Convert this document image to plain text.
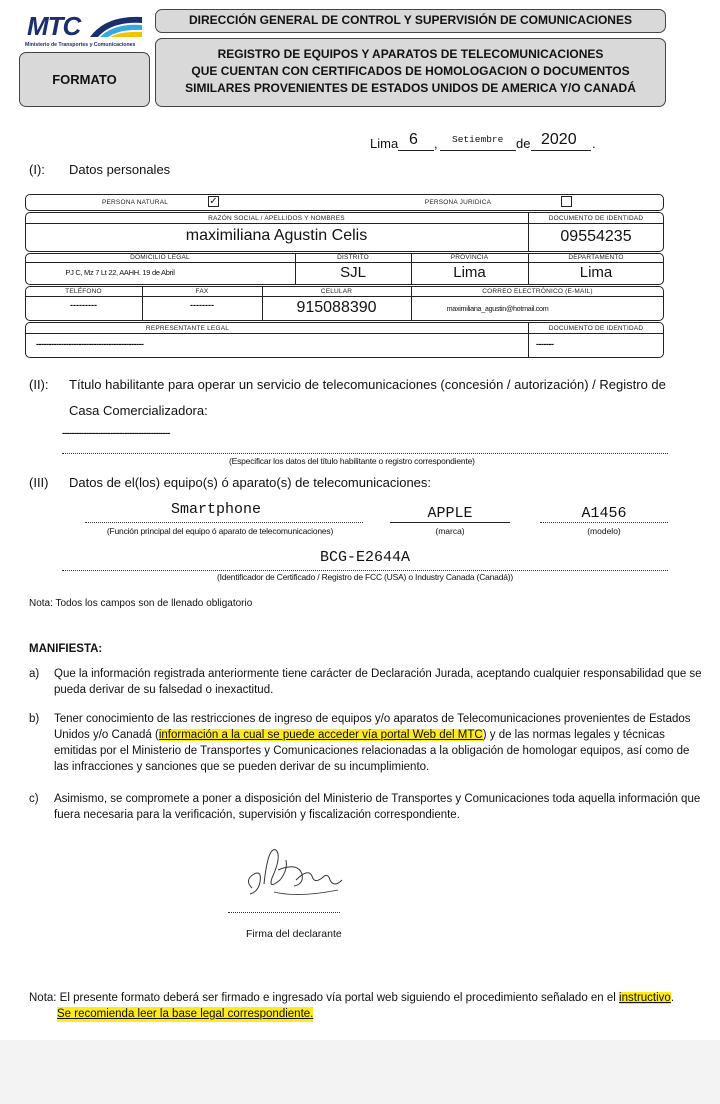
MTC
Ministerio de Transportes y Comunicaciones
FORMATO
DIRECCIÓN GENERAL DE CONTROL Y SUPERVISIÓN DE COMUNICACIONES
REGISTRO DE EQUIPOS Y APARATOS DE TELECOMUNICACIONES
QUE CUENTAN CON CERTIFICADOS DE HOMOLOGACION O DOCUMENTOS
SIMILARES PROVENIENTES DE ESTADOS UNIDOS DE AMERICA Y/O CANADÁ
Lima 6 , Setiembre de 2020 .
(I): Datos personales
PERSONA NATURAL	✓	PERSONA JURIDICA
RAZÓN SOCIAL / APELLIDOS Y NOMBRES	DOCUMENTO DE IDENTIDAD
maximiliana Agustin Celis	09554235
DOMICILIO LEGAL	DISTRITO	PROVINCIA	DEPARTAMENTO
PJ C, Mz 7 Lt 22, AAHH. 19 de Abril	SJL	Lima	Lima
TELÉFONO	FAX	CELULAR	CORREO ELECTRÓNICO (E-MAIL)
---------	--------	915088390	maximiliana_agustin@hotmail.com
REPRESENTANTE LEGAL	DOCUMENTO DE IDENTIDAD
-------------------------------------------	-------
(II): Título habilitante para operar un servicio de telecomunicaciones (concesión / autorización) / Registro de
Casa Comercializadora:
---------------------------------------------
(Especificar los datos del título habilitante o registro correspondiente)
(III) Datos de el(los) equipo(s) ó aparato(s) de telecomunicaciones:
Smartphone
(Función principal del equipo ó aparato de telecomunicaciones)
APPLE
(marca)
A1456
(modelo)
BCG-E2644A
(Identificador de Certificado / Registro de FCC (USA) o Industry Canada (Canadá))
Nota: Todos los campos son de llenado obligatorio
MANIFIESTA:
a) Que la información registrada anteriormente tiene carácter de Declaración Jurada, aceptando cualquier responsabilidad que se
pueda derivar de su falsedad o inexactitud.
b) Tener conocimiento de las restricciones de ingreso de equipos y/o aparatos de Telecomunicaciones provenientes de Estados
Unidos y/o Canadá (información a la cual se puede acceder vía portal Web del MTC) y de las normas legales y técnicas
emitidas por el Ministerio de Transportes y Comunicaciones relacionadas a la obligación de homologar equipos, así como de
las infracciones y sanciones que se pueden derivar de su incumplimiento.
c) Asimismo, se compromete a poner a disposición del Ministerio de Transportes y Comunicaciones toda aquella información que
fuera necesaria para la verificación, supervisión y fiscalización correspondiente.
Firma del declarante
Nota: El presente formato deberá ser firmado e ingresado vía portal web siguiendo el procedimiento señalado en el instructivo.
Se recomienda leer la base legal correspondiente.
